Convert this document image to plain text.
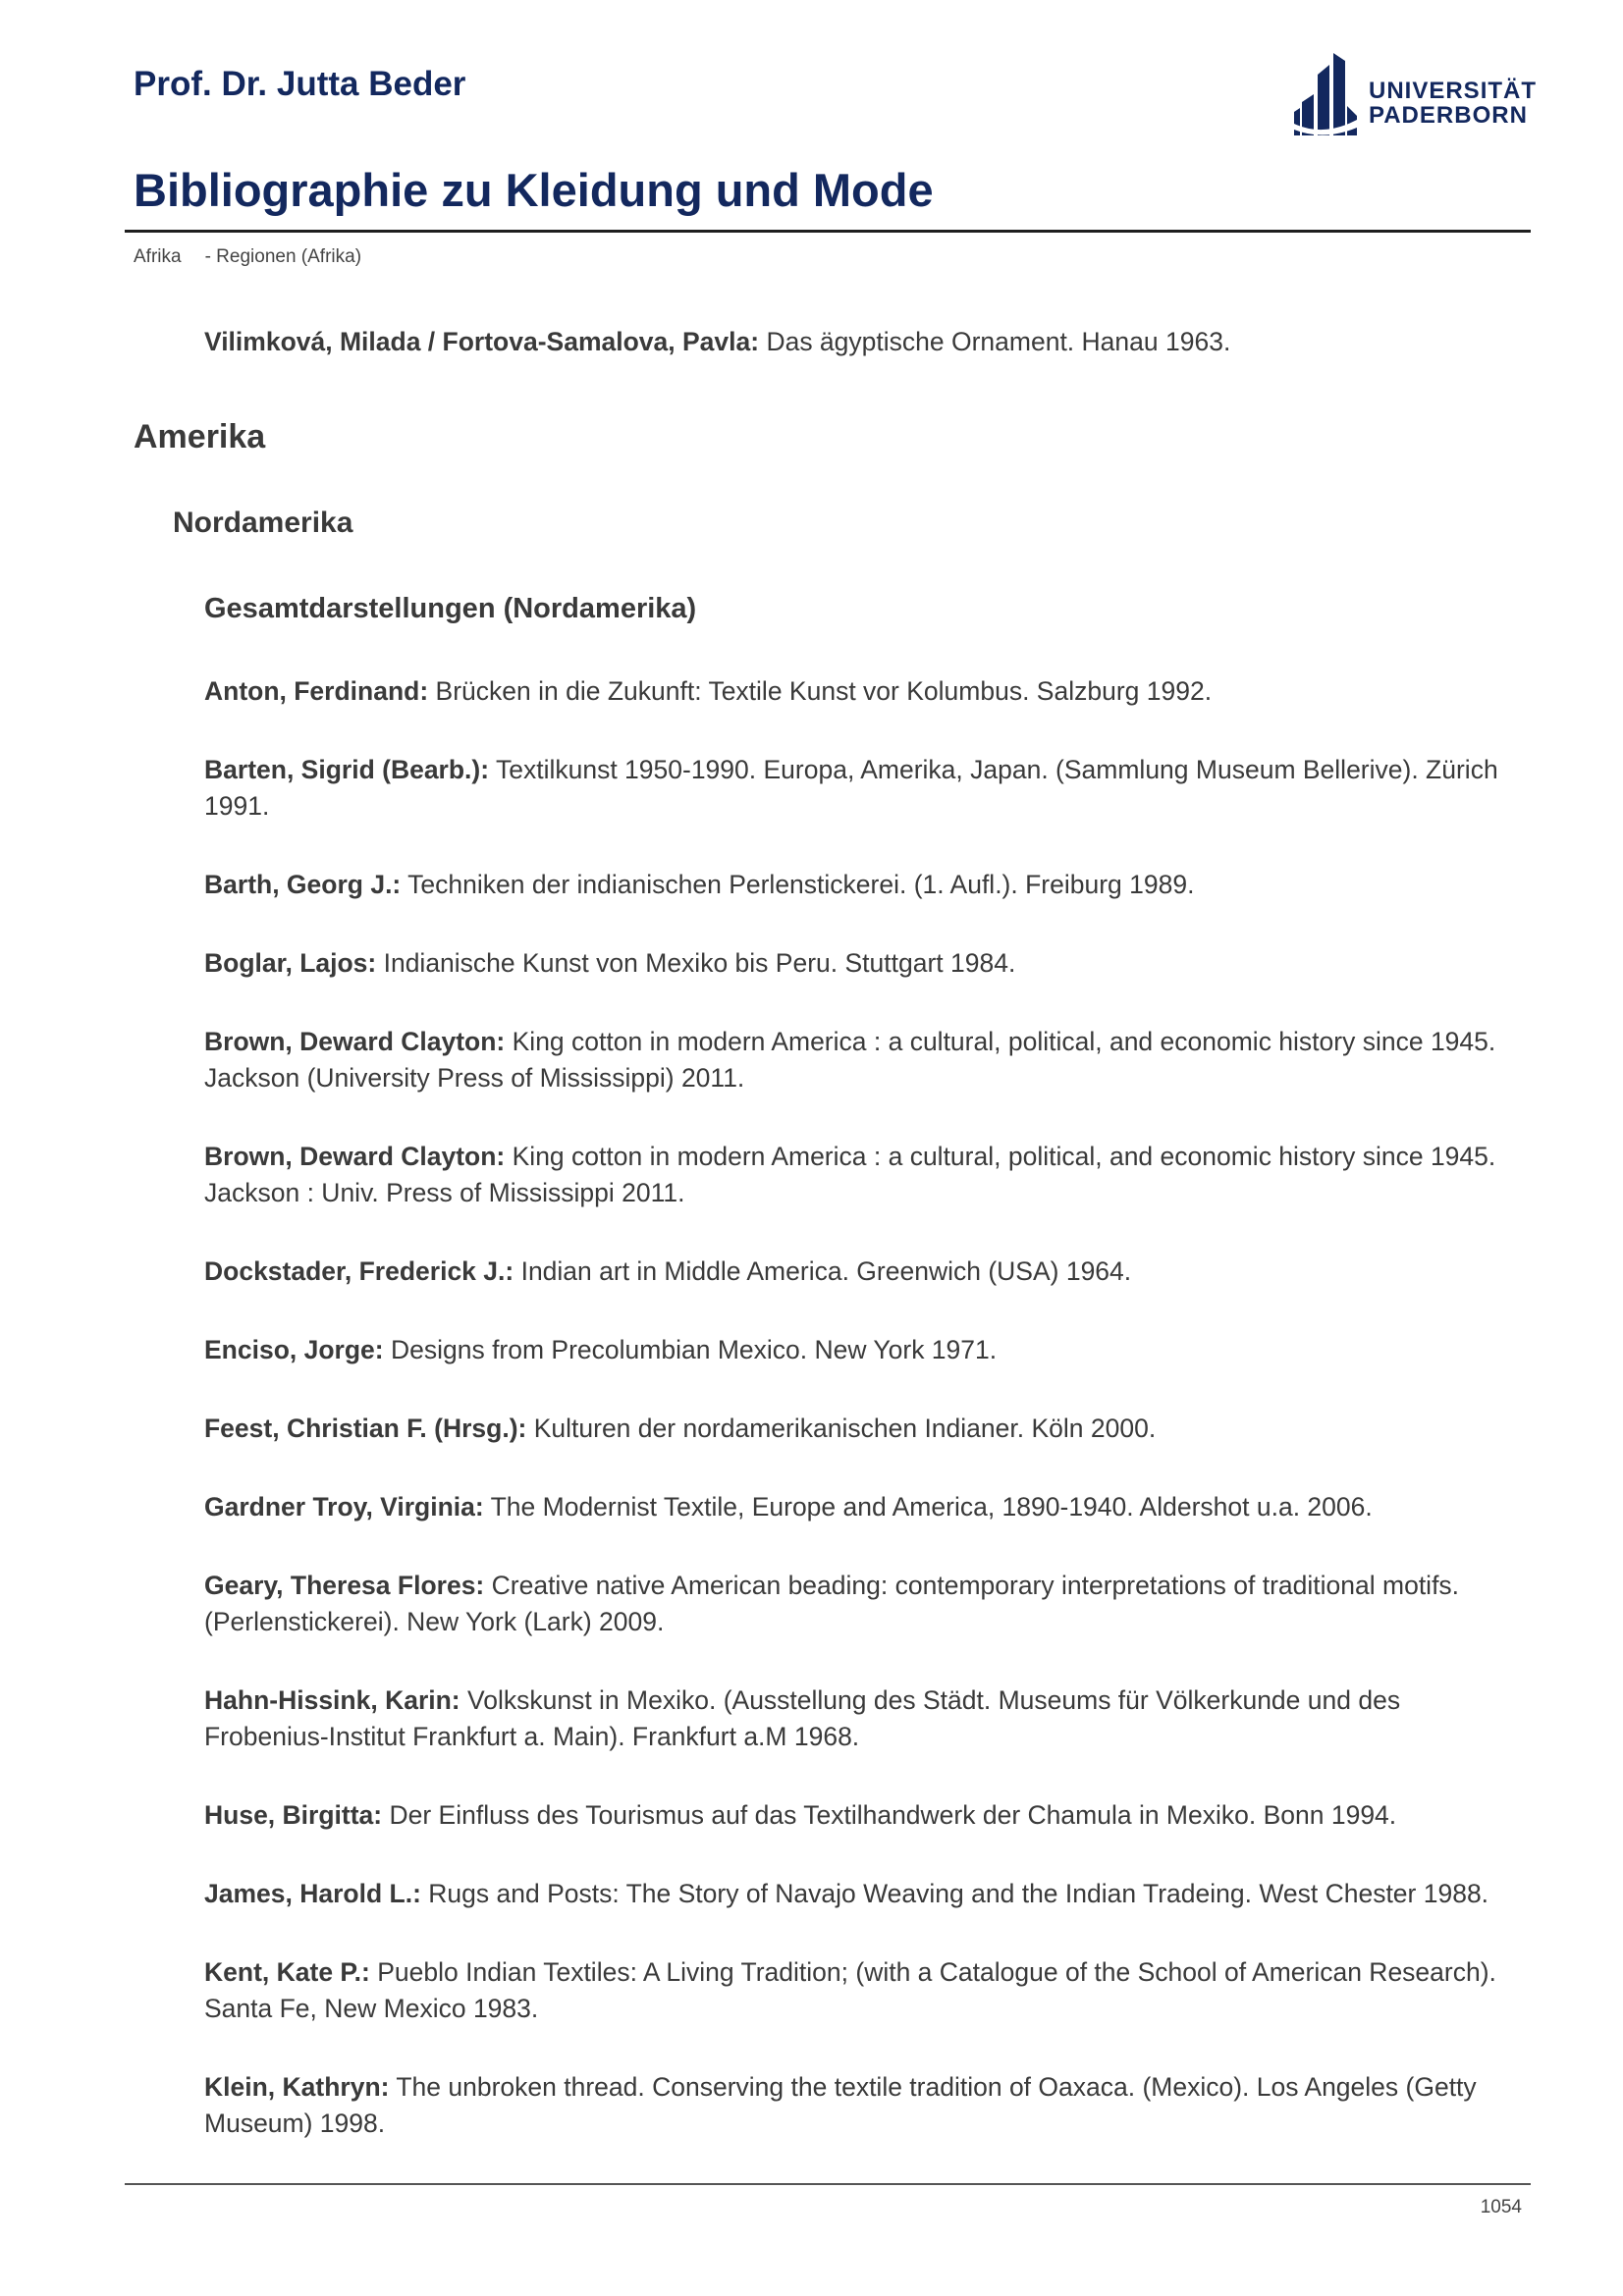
Prof. Dr. Jutta Beder	UNIVERSITÄT
PADERBORN
Bibliographie zu Kleidung und Mode
Afrika - Regionen (Afrika)
Vilimková, Milada / Fortova-Samalova, Pavla: Das ägyptische Ornament. Hanau 1963.
Amerika
Nordamerika
Gesamtdarstellungen (Nordamerika)
Anton, Ferdinand: Brücken in die Zukunft: Textile Kunst vor Kolumbus. Salzburg 1992.
Barten, Sigrid (Bearb.): Textilkunst 1950-1990. Europa, Amerika, Japan. (Sammlung Museum Bellerive). Zürich 1991.
Barth, Georg J.: Techniken der indianischen Perlenstickerei. (1. Aufl.). Freiburg 1989.
Boglar, Lajos: Indianische Kunst von Mexiko bis Peru. Stuttgart 1984.
Brown, Deward Clayton: King cotton in modern America : a cultural, political, and economic history since 1945. Jackson (University Press of Mississippi) 2011.
Brown, Deward Clayton: King cotton in modern America : a cultural, political, and economic history since 1945. Jackson : Univ. Press of Mississippi 2011.
Dockstader, Frederick J.: Indian art in Middle America. Greenwich (USA) 1964.
Enciso, Jorge: Designs from Precolumbian Mexico. New York 1971.
Feest, Christian F. (Hrsg.): Kulturen der nordamerikanischen Indianer. Köln 2000.
Gardner Troy, Virginia: The Modernist Textile, Europe and America, 1890-1940. Aldershot u.a. 2006.
Geary, Theresa Flores: Creative native American beading: contemporary interpretations of traditional motifs. (Perlenstickerei). New York (Lark) 2009.
Hahn-Hissink, Karin: Volkskunst in Mexiko. (Ausstellung des Städt. Museums für Völkerkunde und des Frobenius-Institut Frankfurt a. Main). Frankfurt a.M 1968.
Huse, Birgitta: Der Einfluss des Tourismus auf das Textilhandwerk der Chamula in Mexiko. Bonn 1994.
James, Harold L.: Rugs and Posts: The Story of Navajo Weaving and the Indian Tradeing. West Chester 1988.
Kent, Kate P.: Pueblo Indian Textiles: A Living Tradition; (with a Catalogue of the School of American Research). Santa Fe, New Mexico 1983.
Klein, Kathryn: The unbroken thread. Conserving the textile tradition of Oaxaca. (Mexico). Los Angeles (Getty Museum) 1998.
1054
